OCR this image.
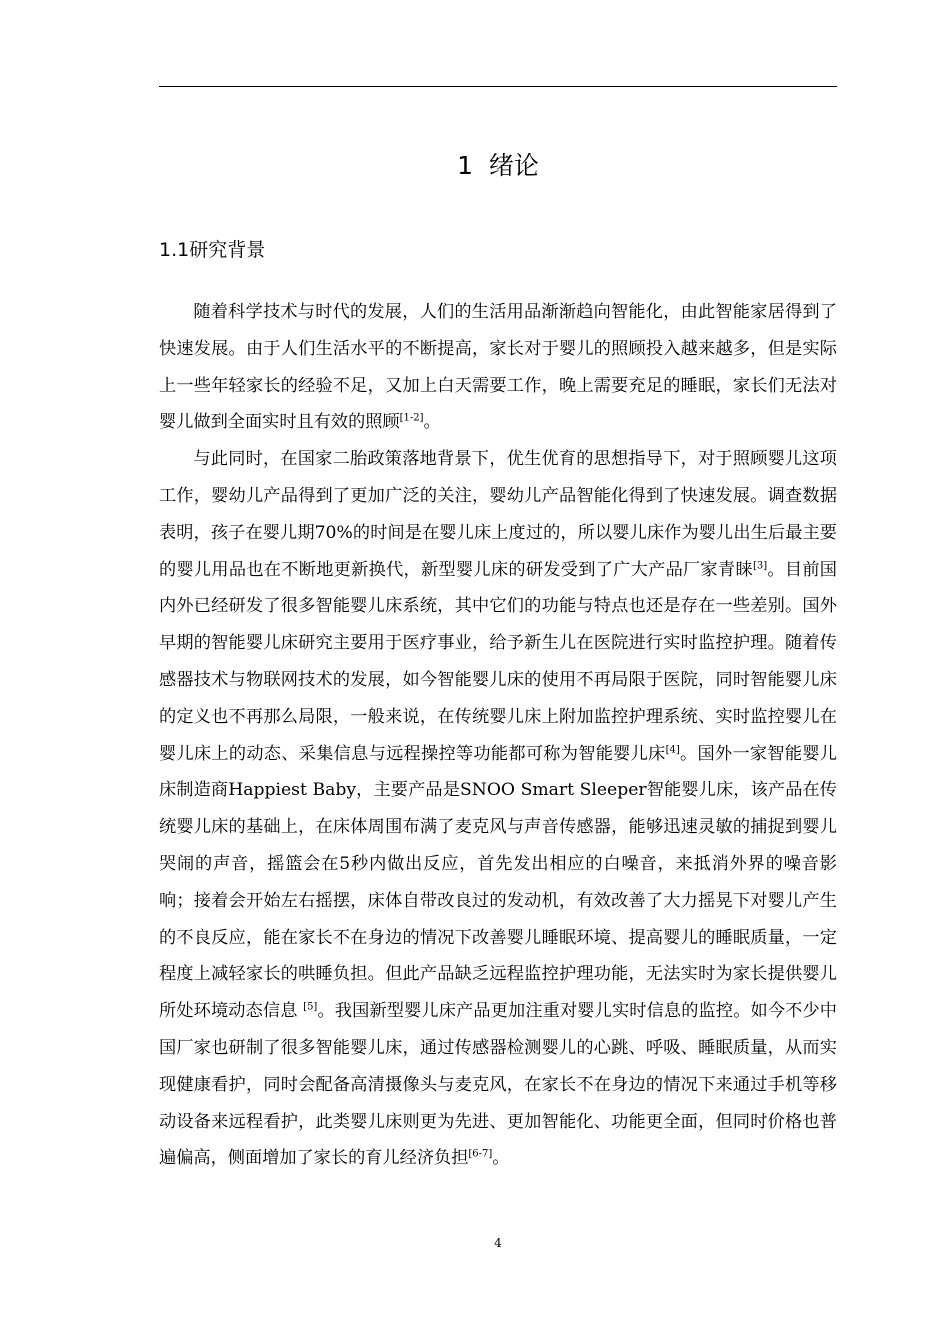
1  绪论
1.1研究背景

随着科学技术与时代的发展，人们的生活用品渐渐趋向智能化，由此智能家居得到了快速发展。由于人们生活水平的不断提高，家长对于婴儿的照顾投入越来越多，但是实际上一些年轻家长的经验不足，又加上白天需要工作，晚上需要充足的睡眠，家长们无法对婴儿做到全面实时且有效的照顾[1-2]。

与此同时，在国家二胎政策落地背景下，优生优育的思想指导下，对于照顾婴儿这项工作，婴幼儿产品得到了更加广泛的关注，婴幼儿产品智能化得到了快速发展。调查数据表明，孩子在婴儿期70%的时间是在婴儿床上度过的，所以婴儿床作为婴儿出生后最主要的婴儿用品也在不断地更新换代，新型婴儿床的研发受到了广大产品厂家青睐[3]。目前国内外已经研发了很多智能婴儿床系统，其中它们的功能与特点也还是存在一些差别。国外早期的智能婴儿床研究主要用于医疗事业，给予新生儿在医院进行实时监控护理。随着传感器技术与物联网技术的发展，如今智能婴儿床的使用不再局限于医院，同时智能婴儿床的定义也不再那么局限，一般来说，在传统婴儿床上附加监控护理系统、实时监控婴儿在婴儿床上的动态、采集信息与远程操控等功能都可称为智能婴儿床[4]。国外一家智能婴儿床制造商Happiest Baby，主要产品是SNOO Smart Sleeper智能婴儿床，该产品在传统婴儿床的基础上，在床体周围布满了麦克风与声音传感器，能够迅速灵敏的捕捉到婴儿哭闹的声音，摇篮会在5秒内做出反应，首先发出相应的白噪音，来抵消外界的噪音影响；接着会开始左右摇摆，床体自带改良过的发动机，有效改善了大力摇晃下对婴儿产生的不良反应，能在家长不在身边的情况下改善婴儿睡眠环境、提高婴儿的睡眠质量，一定程度上减轻家长的哄睡负担。但此产品缺乏远程监控护理功能，无法实时为家长提供婴儿所处环境动态信息 [5]。我国新型婴儿床产品更加注重对婴儿实时信息的监控。如今不少中国厂家也研制了很多智能婴儿床，通过传感器检测婴儿的心跳、呼吸、睡眠质量，从而实现健康看护，同时会配备高清摄像头与麦克风，在家长不在身边的情况下来通过手机等移动设备来远程看护，此类婴儿床则更为先进、更加智能化、功能更全面，但同时价格也普遍偏高，侧面增加了家长的育儿经济负担[6-7]。

4
